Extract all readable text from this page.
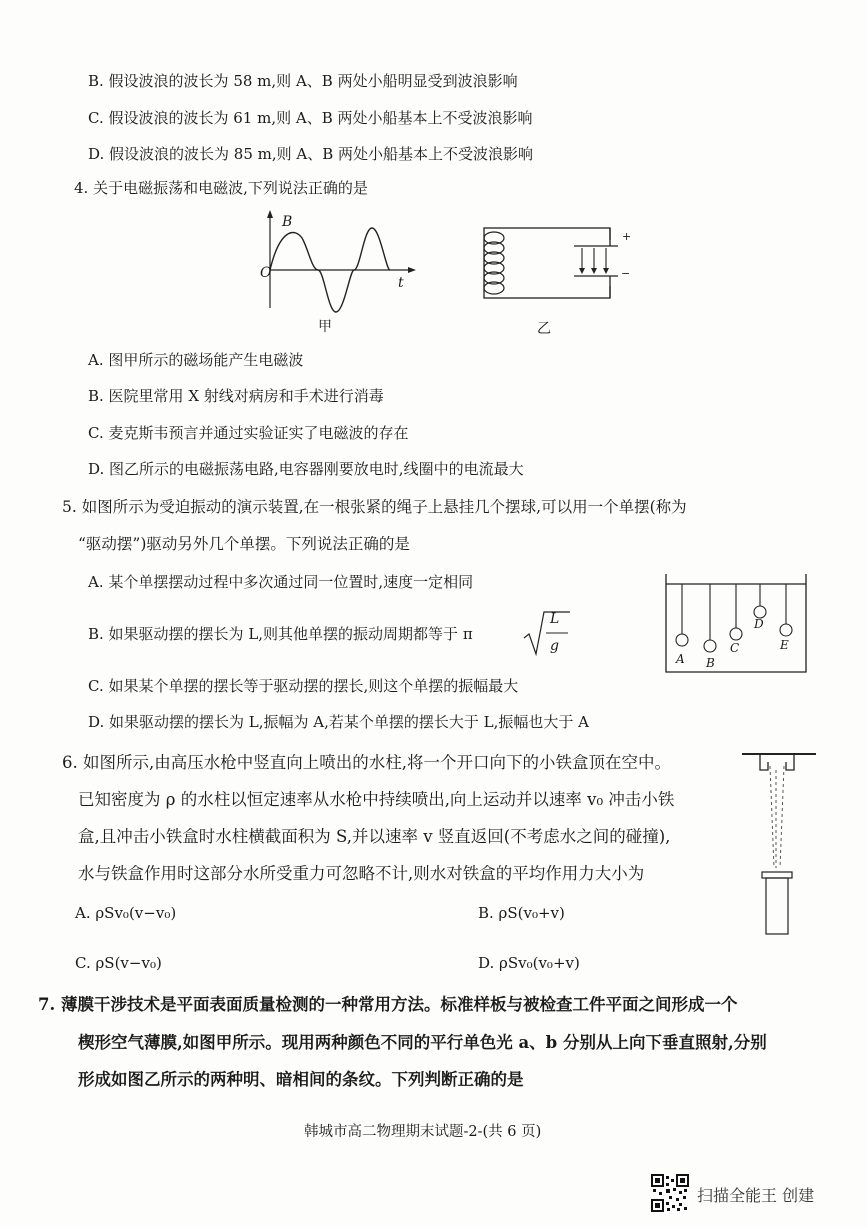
B. 假设波浪的波长为 58 m,则 A、B 两处小船明显受到波浪影响
C. 假设波浪的波长为 61 m,则 A、B 两处小船基本上不受波浪影响
D. 假设波浪的波长为 85 m,则 A、B 两处小船基本上不受波浪影响
4. 关于电磁振荡和电磁波,下列说法正确的是
B
O
t
甲
+
−
乙
A. 图甲所示的磁场能产生电磁波
B. 医院里常用 X 射线对病房和手术进行消毒
C. 麦克斯韦预言并通过实验证实了电磁波的存在
D. 图乙所示的电磁振荡电路,电容器刚要放电时,线圈中的电流最大
5. 如图所示为受迫振动的演示装置,在一根张紧的绳子上悬挂几个摆球,可以用一个单摆(称为
“驱动摆”)驱动另外几个单摆。下列说法正确的是
A. 某个单摆摆动过程中多次通过同一位置时,速度一定相同
B. 如果驱动摆的摆长为 L,则其他单摆的振动周期都等于 π
L
g
C. 如果某个单摆的摆长等于驱动摆的摆长,则这个单摆的振幅最大
D. 如果驱动摆的摆长为 L,振幅为 A,若某个单摆的摆长大于 L,振幅也大于 A
A B
C
D
E
6. 如图所示,由高压水枪中竖直向上喷出的水柱,将一个开口向下的小铁盒顶在空中。
已知密度为 ρ 的水柱以恒定速率从水枪中持续喷出,向上运动并以速率 v₀ 冲击小铁
盒,且冲击小铁盒时水柱横截面积为 S,并以速率 v 竖直返回(不考虑水之间的碰撞),
水与铁盒作用时这部分水所受重力可忽略不计,则水对铁盒的平均作用力大小为
A. ρSv₀(v−v₀)	B. ρS(v₀+v)
C. ρS(v−v₀)	D. ρSv₀(v₀+v)
7. 薄膜干涉技术是平面表面质量检测的一种常用方法。标准样板与被检查工件平面之间形成一个
楔形空气薄膜,如图甲所示。现用两种颜色不同的平行单色光 a、b 分别从上向下垂直照射,分别
形成如图乙所示的两种明、暗相间的条纹。下列判断正确的是
韩城市高二物理期末试题-2-(共 6 页)
扫描全能王 创建
